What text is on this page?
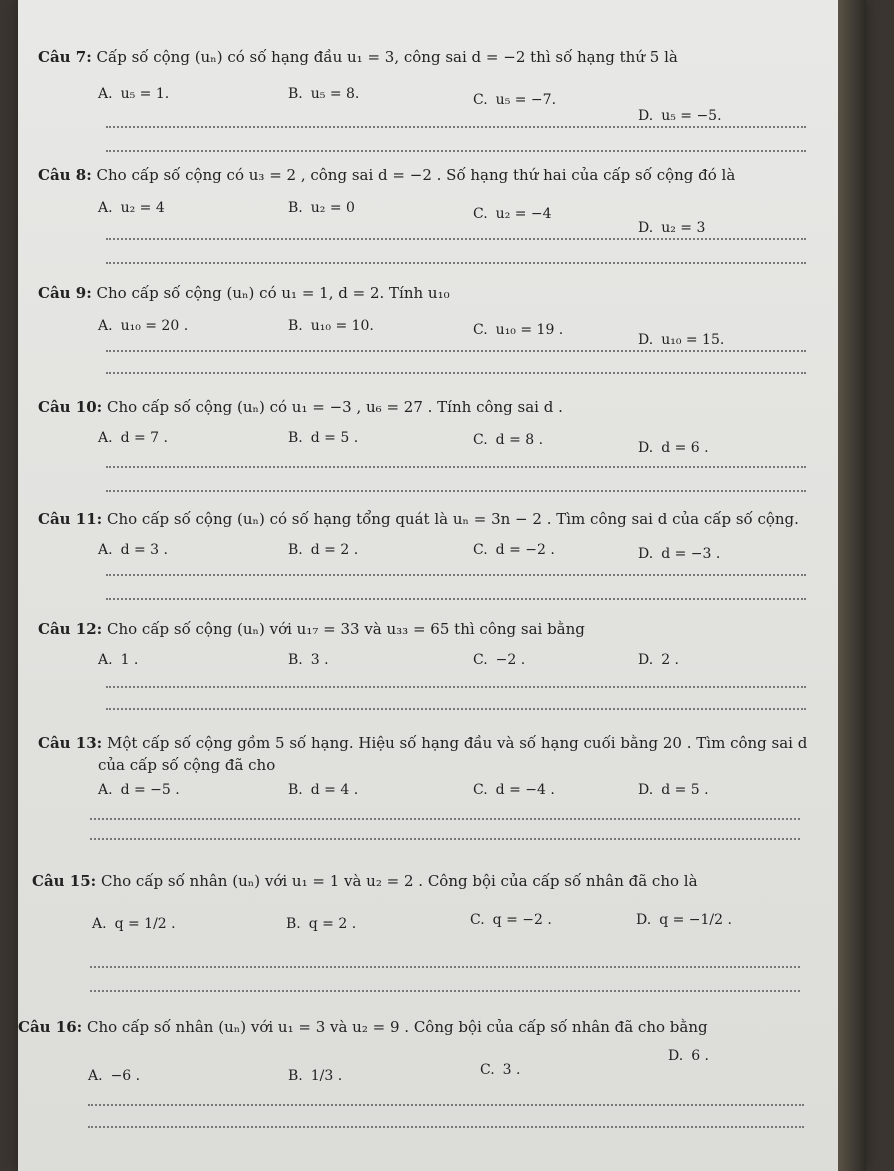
Câu 7: Cấp số cộng (uₙ) có số hạng đầu u₁ = 3, công sai d = −2 thì số hạng thứ 5 là
A. u₅ = 1.	B. u₅ = 8.	C. u₅ = −7.
D. u₅ = −5.
Câu 8: Cho cấp số cộng có u₃ = 2 , công sai d = −2 . Số hạng thứ hai của cấp số cộng đó là
A. u₂ = 4	B. u₂ = 0	C. u₂ = −4
D. u₂ = 3
Câu 9: Cho cấp số cộng (uₙ) có u₁ = 1, d = 2. Tính u₁₀
A. u₁₀ = 20 .	B. u₁₀ = 10.	C. u₁₀ = 19 .
D. u₁₀ = 15.
Câu 10: Cho cấp số cộng (uₙ) có u₁ = −3 , u₆ = 27 . Tính công sai d .
A. d = 7 .	B. d = 5 .	C. d = 8 .	D. d = 6 .
Câu 11: Cho cấp số cộng (uₙ) có số hạng tổng quát là uₙ = 3n − 2 . Tìm công sai d của cấp số cộng.
A. d = 3 .	B. d = 2 .	C. d = −2 .	D. d = −3 .
Câu 12: Cho cấp số cộng (uₙ) với u₁₇ = 33 và u₃₃ = 65 thì công sai bằng
A. 1 .	B. 3 .	C. −2 .	D. 2 .
Câu 13: Một cấp số cộng gồm 5 số hạng. Hiệu số hạng đầu và số hạng cuối bằng 20 . Tìm công sai d
của cấp số cộng đã cho
A. d = −5 .	B. d = 4 .	C. d = −4 .	D. d = 5 .
Câu 15: Cho cấp số nhân (uₙ) với u₁ = 1 và u₂ = 2 . Công bội của cấp số nhân đã cho là
A. q = 1/2 .	B. q = 2 .	C. q = −2 .	D. q = −1/2 .
Câu 16: Cho cấp số nhân (uₙ) với u₁ = 3 và u₂ = 9 . Công bội của cấp số nhân đã cho bằng
A. −6 .	B. 1/3 .	C. 3 .
D. 6 .
